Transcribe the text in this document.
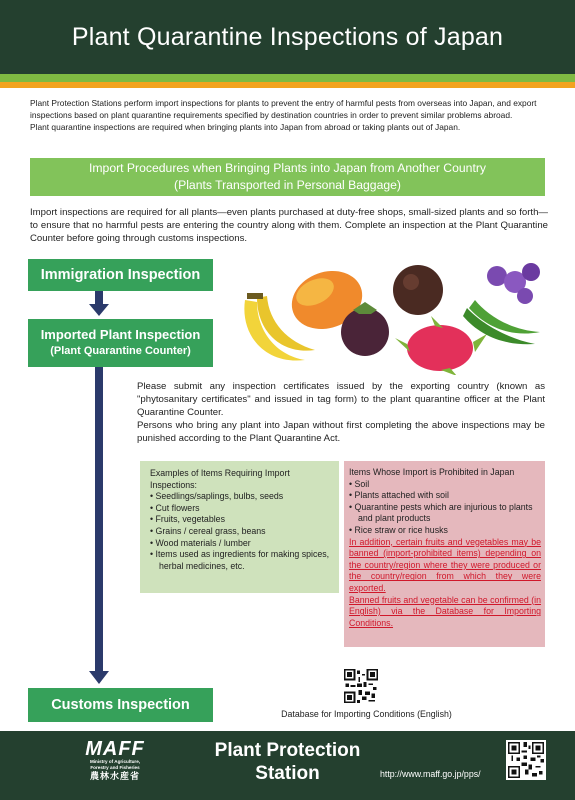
Plant Quarantine Inspections of Japan

Plant Protection Stations perform import inspections for plants to prevent the entry of harmful pests from overseas into Japan, and export inspections based on plant quarantine requirements specified by destination countries in order to prevent similar problems abroad.

Plant quarantine inspections are required when bringing plants into Japan from abroad or taking plants out of Japan.

Import Procedures when Bringing Plants into Japan from Another Country
(Plants Transported in Personal Baggage)
Import inspections are required for all plants—even plants purchased at duty-free shops, small-sized plants and so forth—to ensure that no harmful pests are entering the country along with them. Complete an inspection at the Plant Quarantine Counter before going through customs inspections.
Immigration Inspection
Imported Plant Inspection
(Plant Quarantine Counter)
Customs Inspection

Please submit any inspection certificates issued by the exporting country (known as "phytosanitary certificates" and issued in tag form) to the plant quarantine officer at the Plant Quarantine Counter.

Persons who bring any plant into Japan without first completing the above inspections may be punished according to the Plant Quarantine Act.

Examples of Items Requiring Import Inspections:
• Seedlings/saplings, bulbs, seeds
• Cut flowers
• Fruits, vegetables
• Grains / cereal grass, beans
• Wood materials / lumber
• Items used as ingredients for making spices, herbal medicines, etc.
Items Whose Import is Prohibited in Japan
• Soil
• Plants attached with soil
• Quarantine pests which are injurious to plants and plant products
• Rice straw or rice husks
In addition, certain fruits and vegetables may be banned (import-prohibited items) depending on the country/region where they were produced or the country/region from which they were exported.
Banned fruits and vegetable can be confirmed (in English) via the Database for Importing Conditions.
Database for Importing Conditions (English)
MAFF
Ministry of Agriculture,
Forestry and Fisheries
農林水産省
Plant Protection
Station	http://www.maff.go.jp/pps/
